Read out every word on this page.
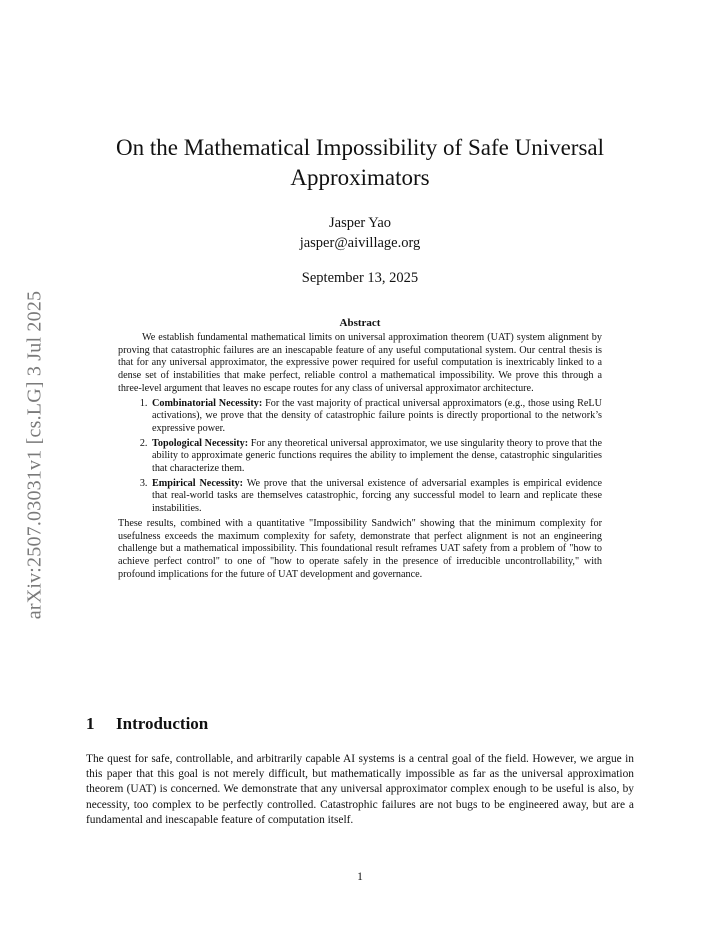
arXiv:2507.03031v1 [cs.LG] 3 Jul 2025
On the Mathematical Impossibility of Safe Universal Approximators
Jasper Yao
jasper@aivillage.org
September 13, 2025
Abstract

We establish fundamental mathematical limits on universal approximation theorem (UAT) system alignment by proving that catastrophic failures are an inescapable feature of any useful computational system. Our central thesis is that for any universal approximator, the expressive power required for useful computation is inextricably linked to a dense set of instabilities that make perfect, reliable control a mathematical impossibility. We prove this through a three-level argument that leaves no escape routes for any class of universal approximator architecture.

1. Combinatorial Necessity: For the vast majority of practical universal approximators (e.g., those using ReLU activations), we prove that the density of catastrophic failure points is directly proportional to the network’s expressive power.
2. Topological Necessity: For any theoretical universal approximator, we use singularity theory to prove that the ability to approximate generic functions requires the ability to implement the dense, catastrophic singularities that characterize them.
3. Empirical Necessity: We prove that the universal existence of adversarial examples is empirical evidence that real-world tasks are themselves catastrophic, forcing any successful model to learn and replicate these instabilities.

These results, combined with a quantitative "Impossibility Sandwich" showing that the minimum complexity for usefulness exceeds the maximum complexity for safety, demonstrate that perfect alignment is not an engineering challenge but a mathematical impossibility. This foundational result reframes UAT safety from a problem of "how to achieve perfect control" to one of "how to operate safely in the presence of irreducible uncontrollability," with profound implications for the future of UAT development and governance.

1 Introduction

The quest for safe, controllable, and arbitrarily capable AI systems is a central goal of the field. However, we argue in this paper that this goal is not merely difficult, but mathematically impossible as far as the universal approximation theorem (UAT) is concerned. We demonstrate that any universal approximator complex enough to be useful is also, by necessity, too complex to be perfectly controlled. Catastrophic failures are not bugs to be engineered away, but are a fundamental and inescapable feature of computation itself.

1
